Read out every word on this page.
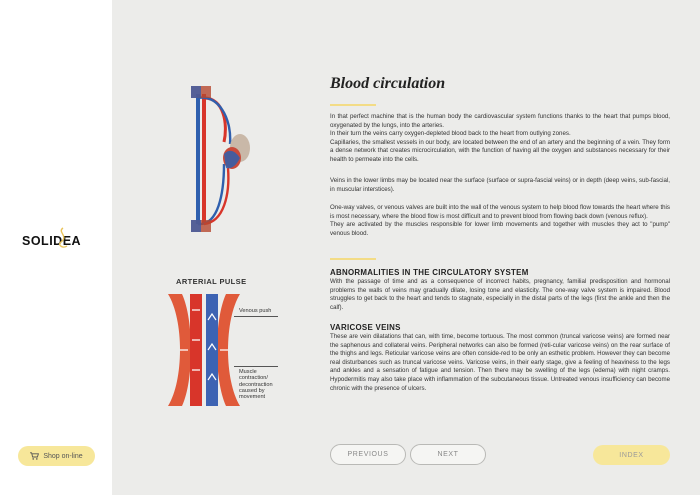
SOLIDEA
Shop on-line
ARTERIAL PULSE
Venous push
Muscle
contraction/
decontraction
caused by
movement
Blood circulation
In that perfect machine that is the human body the cardiovascular system functions thanks to the heart that pumps blood, oxygenated by the lungs, into the arteries.
In their turn the veins carry oxygen-depleted blood back to the heart from outlying zones.
Capillaries, the smallest vessels in our body, are located between the end of an artery and the beginning of a vein. They form a dense network that creates microcirculation, with the function of having all the oxygen and substances necessary for their health to permeate into the cells.
Veins in the lower limbs may be located near the surface (surface or supra-fascial veins) or in depth (deep veins, sub-fascial, in muscular interstices).
One-way valves, or venous valves are built into the wall of the venous system to help blood flow towards the heart where this is most necessary, where the blood flow is most difficult and to prevent blood from flowing back down (venous reflux).
They are activated by the muscles responsible for lower limb movements and together with muscles they act to "pump" venous blood.
ABNORMALITIES IN THE CIRCULATORY SYSTEM
With the passage of time and as a consequence of incorrect habits, pregnancy, familial predisposition and hormonal problems the walls of veins may gradually dilate, losing tone and elasticity. The one-way valve system is impaired. Blood struggles to get back to the heart and tends to stagnate, especially in the distal parts of the legs (first the ankle and then the calf).
VARICOSE VEINS
These are vein dilatations that can, with time, become tortuous. The most common (truncal varicose veins) are formed near the saphenous and collateral veins. Peripheral networks can also be formed (reti-cular varicose veins) on the rear surface of the thighs and legs. Reticular varicose veins are often conside-red to be only an esthetic problem. However they can become real disturbances such as truncal varicose veins. Varicose veins, in their early stage, give a feeling of heaviness to the legs and ankles and a sensation of fatigue and tension. Then there may be swelling of the legs (edema) with night cramps. Hypodermitis may also take place with inflammation of the subcutaneous tissue. Untreated venous insufficiency can become chronic with the presence of ulcers.
PREVIOUS	NEXT	INDEX
